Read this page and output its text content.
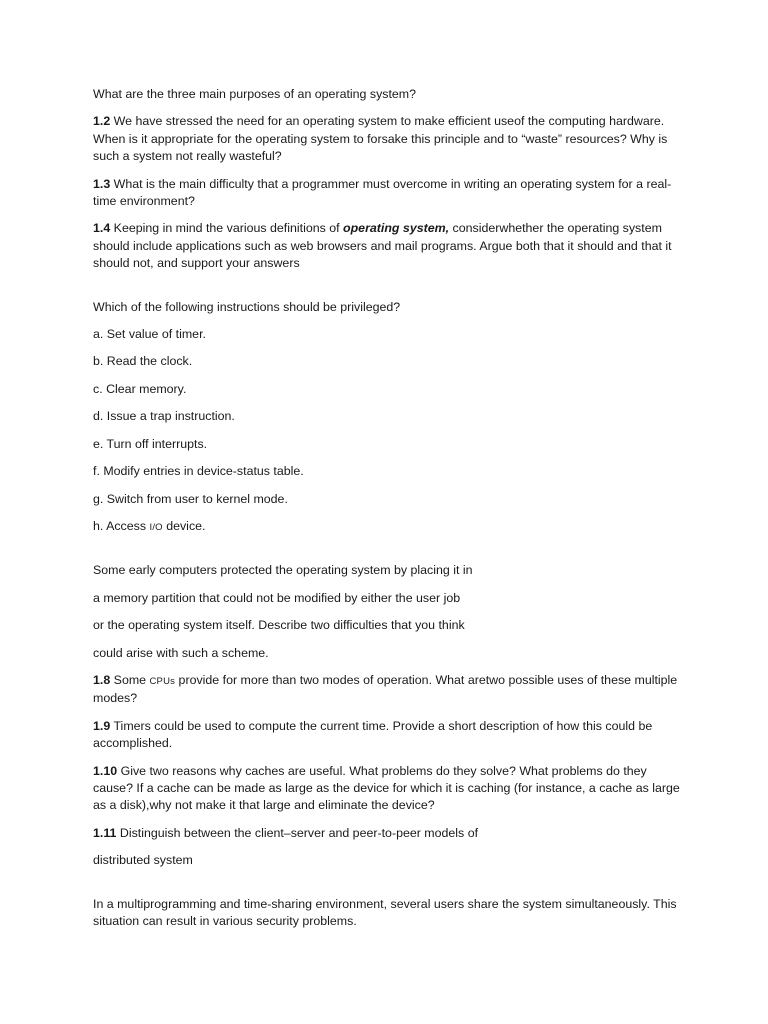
What are the three main purposes of an operating system?

1.2 We have stressed the need for an operating system to make efficient useof the computing hardware. When is it appropriate for the operating system to forsake this principle and to “waste” resources? Why is such a system not really wasteful?

1.3 What is the main difficulty that a programmer must overcome in writing an operating system for a real-time environment?

1.4 Keeping in mind the various definitions of operating system, considerwhether the operating system should include applications such as web browsers and mail programs. Argue both that it should and that it should not, and support your answers

Which of the following instructions should be privileged?

a. Set value of timer.

b. Read the clock.

c. Clear memory.

d. Issue a trap instruction.

e. Turn off interrupts.

f. Modify entries in device-status table.

g. Switch from user to kernel mode.

h. Access I/O device.

Some early computers protected the operating system by placing it in

a memory partition that could not be modified by either the user job

or the operating system itself. Describe two difficulties that you think

could arise with such a scheme.

1.8 Some CPUs provide for more than two modes of operation. What aretwo possible uses of these multiple modes?

1.9 Timers could be used to compute the current time. Provide a short description of how this could be accomplished.

1.10 Give two reasons why caches are useful. What problems do they solve? What problems do they cause? If a cache can be made as large as the device for which it is caching (for instance, a cache as large as a disk),why not make it that large and eliminate the device?

1.11 Distinguish between the client–server and peer-to-peer models of

distributed system

In a multiprogramming and time-sharing environment, several users share the system simultaneously. This situation can result in various security problems.
